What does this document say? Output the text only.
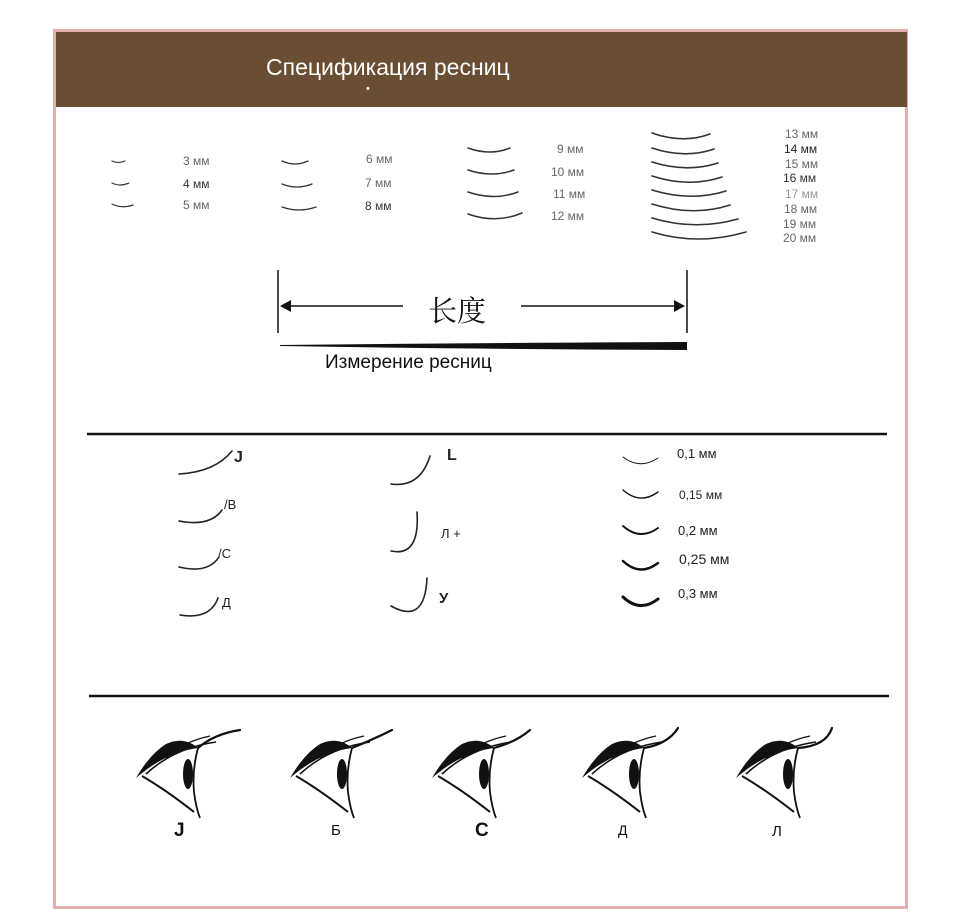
Спецификация ресниц
•
3 мм
4 мм
5 мм
6 мм
7 мм
8 мм
9 мм
10 мм
11 мм
12 мм
13 мм
14 мм
15 мм
16 мм
17 мм
18 мм
19 мм
20 мм
长度
Измерение ресниц
J
/В
/С
Д
L
Л +
У
0,1 мм
0,15 мм
0,2 мм
0,25 мм
0,3 мм
J	Б	С	Д	Л
